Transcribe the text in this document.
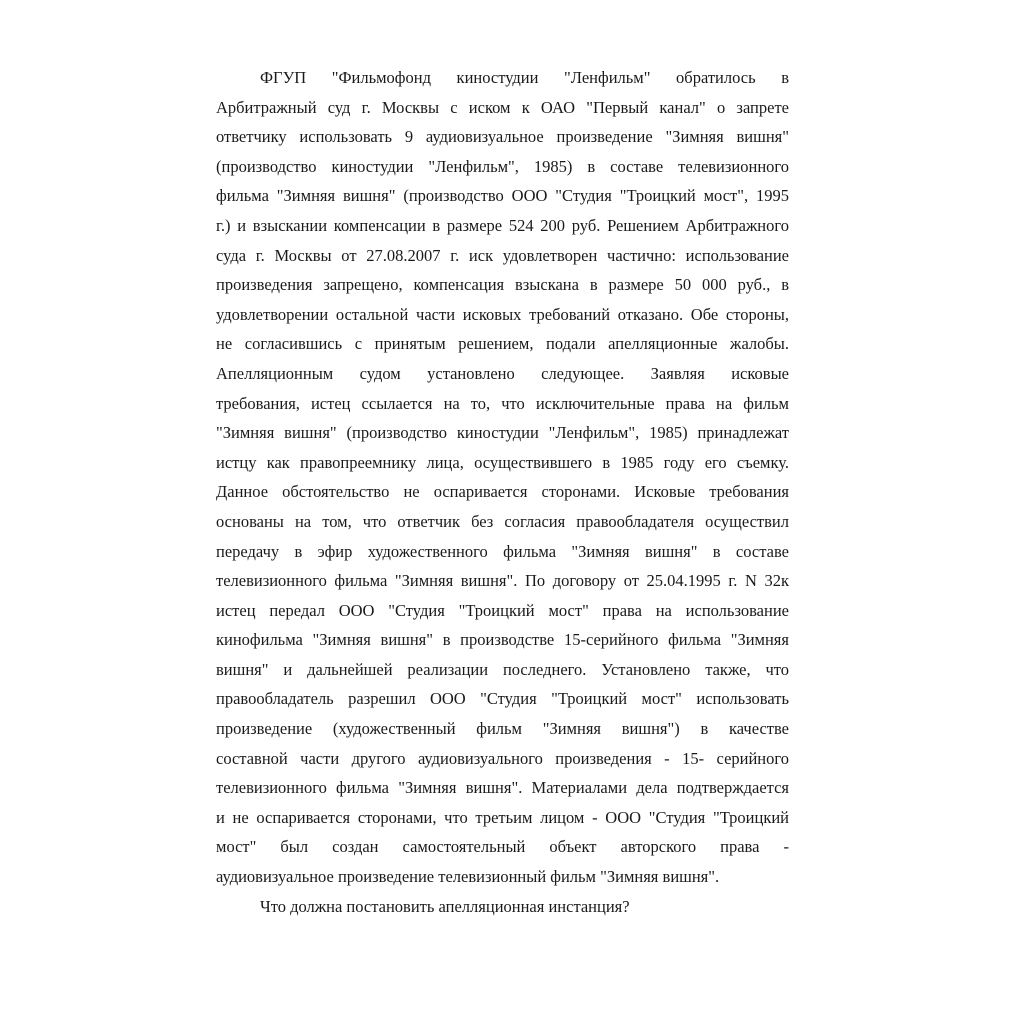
ФГУП "Фильмофонд киностудии "Ленфильм" обратилось в
Арбитражный суд г. Москвы с иском к ОАО "Первый канал" о запрете
ответчику использовать 9 аудиовизуальное произведение "Зимняя вишня"
(производство киностудии "Ленфильм", 1985) в составе телевизионного
фильма "Зимняя вишня" (производство ООО "Студия "Троицкий мост", 1995
г.) и взыскании компенсации в размере 524 200 руб. Решением Арбитражного
суда г. Москвы от 27.08.2007 г. иск удовлетворен частично: использование
произведения запрещено, компенсация взыскана в размере 50 000 руб., в
удовлетворении остальной части исковых требований отказано. Обе стороны,
не согласившись с принятым решением, подали апелляционные жалобы.
Апелляционным судом установлено следующее. Заявляя исковые
требования, истец ссылается на то, что исключительные права на фильм
"Зимняя вишня" (производство киностудии "Ленфильм", 1985) принадлежат
истцу как правопреемнику лица, осуществившего в 1985 году его съемку.
Данное обстоятельство не оспаривается сторонами. Исковые требования
основаны на том, что ответчик без согласия правообладателя осуществил
передачу в эфир художественного фильма "Зимняя вишня" в составе
телевизионного фильма "Зимняя вишня". По договору от 25.04.1995 г. N 32к
истец передал ООО "Студия "Троицкий мост" права на использование
кинофильма "Зимняя вишня" в производстве 15-серийного фильма "Зимняя
вишня" и дальнейшей реализации последнего. Установлено также, что
правообладатель разрешил ООО "Студия "Троицкий мост" использовать
произведение (художественный фильм "Зимняя вишня") в качестве
составной части другого аудиовизуального произведения - 15- серийного
телевизионного фильма "Зимняя вишня". Материалами дела подтверждается
и не оспаривается сторонами, что третьим лицом - ООО "Студия "Троицкий
мост" был создан самостоятельный объект авторского права -
аудиовизуальное произведение телевизионный фильм "Зимняя вишня".
Что должна постановить апелляционная инстанция?
